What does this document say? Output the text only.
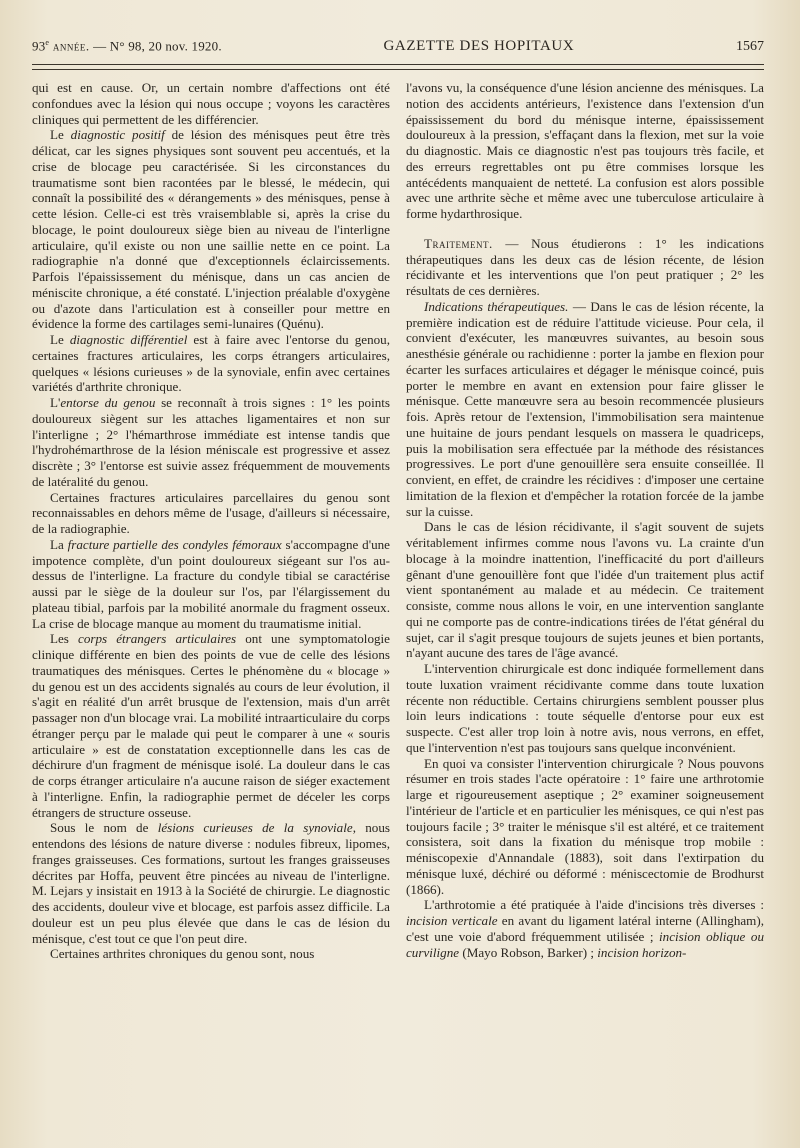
93e année. — N° 98, 20 nov. 1920.	GAZETTE DES HOPITAUX	1567

qui est en cause. Or, un certain nombre d'affections ont été confondues avec la lésion qui nous occupe ; voyons les caractères cliniques qui permettent de les différencier.

Le diagnostic positif de lésion des ménisques peut être très délicat, car les signes physiques sont souvent peu accentués, et la crise de blocage peu caractérisée. Si les circonstances du traumatisme sont bien racontées par le blessé, le médecin, qui connaît la possibilité des « dérangements » des ménisques, pense à cette lésion. Celle-ci est très vraisemblable si, après la crise du blocage, le point douloureux siège bien au niveau de l'interligne articulaire, qu'il existe ou non une saillie nette en ce point. La radiographie n'a donné que d'exceptionnels éclaircissements. Parfois l'épaississement du ménisque, dans un cas ancien de méniscite chronique, a été constaté. L'injection préalable d'oxygène ou d'azote dans l'articulation est à conseiller pour mettre en évidence la forme des cartilages semi-lunaires (Quénu).

Le diagnostic différentiel est à faire avec l'entorse du genou, certaines fractures articulaires, les corps étrangers articulaires, quelques « lésions curieuses » de la synoviale, enfin avec certaines variétés d'arthrite chronique.

L'entorse du genou se reconnaît à trois signes : 1° les points douloureux siègent sur les attaches ligamentaires et non sur l'interligne ; 2° l'hémarthrose immédiate est intense tandis que l'hydrohémarthrose de la lésion méniscale est progressive et assez discrète ; 3° l'entorse est suivie assez fréquemment de mouvements de latéralité du genou.

Certaines fractures articulaires parcellaires du genou sont reconnaissables en dehors même de l'usage, d'ailleurs si nécessaire, de la radiographie.

La fracture partielle des condyles fémoraux s'accompagne d'une impotence complète, d'un point douloureux siégeant sur l'os au-dessus de l'interligne. La fracture du condyle tibial se caractérise aussi par le siège de la douleur sur l'os, par l'élargissement du plateau tibial, parfois par la mobilité anormale du fragment osseux. La crise de blocage manque au moment du traumatisme initial.

Les corps étrangers articulaires ont une symptomatologie clinique différente en bien des points de vue de celle des lésions traumatiques des ménisques. Certes le phénomène du « blocage » du genou est un des accidents signalés au cours de leur évolution, il s'agit en réalité d'un arrêt brusque de l'extension, mais d'un arrêt passager non d'un blocage vrai. La mobilité intraarticulaire du corps étranger perçu par le malade qui peut le comparer à une « souris articulaire » est de constatation exceptionnelle dans les cas de déchirure d'un fragment de ménisque isolé. La douleur dans le cas de corps étranger articulaire n'a aucune raison de siéger exactement à l'interligne. Enfin, la radiographie permet de déceler les corps étrangers de structure osseuse.

Sous le nom de lésions curieuses de la synoviale, nous entendons des lésions de nature diverse : nodules fibreux, lipomes, franges graisseuses. Ces formations, surtout les franges graisseuses décrites par Hoffa, peuvent être pincées au niveau de l'interligne. M. Lejars y insistait en 1913 à la Société de chirurgie. Le diagnostic des accidents, douleur vive et blocage, est parfois assez difficile. La douleur est un peu plus élevée que dans le cas de lésion du ménisque, c'est tout ce que l'on peut dire.

Certaines arthrites chroniques du genou sont, nous

l'avons vu, la conséquence d'une lésion ancienne des ménisques. La notion des accidents antérieurs, l'existence dans l'extension d'un épaississement du bord du ménisque interne, épaississement douloureux à la pression, s'effaçant dans la flexion, met sur la voie du diagnostic. Mais ce diagnostic n'est pas toujours très facile, et des erreurs regrettables ont pu être commises lorsque les antécédents manquaient de netteté. La confusion est alors possible avec une arthrite sèche et même avec une tuberculose articulaire à forme hydarthrosique.

Traitement. — Nous étudierons : 1° les indications thérapeutiques dans les deux cas de lésion récente, de lésion récidivante et les interventions que l'on peut pratiquer ; 2° les résultats de ces dernières.

Indications thérapeutiques. — Dans le cas de lésion récente, la première indication est de réduire l'attitude vicieuse. Pour cela, il convient d'exécuter, les manœuvres suivantes, au besoin sous anesthésie générale ou rachidienne : porter la jambe en flexion pour écarter les surfaces articulaires et dégager le ménisque coincé, puis porter le membre en avant en extension pour faire glisser le ménisque. Cette manœuvre sera au besoin recommencée plusieurs fois. Après retour de l'extension, l'immobilisation sera maintenue une huitaine de jours pendant lesquels on massera le quadriceps, puis la mobilisation sera effectuée par la méthode des résistances progressives. Le port d'une genouillère sera ensuite conseillée. Il convient, en effet, de craindre les récidives : d'imposer une certaine limitation de la flexion et d'empêcher la rotation forcée de la jambe sur la cuisse.

Dans le cas de lésion récidivante, il s'agit souvent de sujets véritablement infirmes comme nous l'avons vu. La crainte d'un blocage à la moindre inattention, l'inefficacité du port d'ailleurs gênant d'une genouillère font que l'idée d'un traitement plus actif vient spontanément au malade et au médecin. Ce traitement consiste, comme nous allons le voir, en une intervention sanglante qui ne comporte pas de contre-indications tirées de l'état général du sujet, car il s'agit presque toujours de sujets jeunes et bien portants, n'ayant aucune des tares de l'âge avancé.

L'intervention chirurgicale est donc indiquée formellement dans toute luxation vraiment récidivante comme dans toute luxation récente non réductible. Certains chirurgiens semblent pousser plus loin leurs indications : toute séquelle d'entorse pour eux est suspecte. C'est aller trop loin à notre avis, nous verrons, en effet, que l'intervention n'est pas toujours sans quelque inconvénient.

En quoi va consister l'intervention chirurgicale ? Nous pouvons résumer en trois stades l'acte opératoire : 1° faire une arthrotomie large et rigoureusement aseptique ; 2° examiner soigneusement l'intérieur de l'article et en particulier les ménisques, ce qui n'est pas toujours facile ; 3° traiter le ménisque s'il est altéré, et ce traitement consistera, soit dans la fixation du ménisque trop mobile : méniscopexie d'Annandale (1883), soit dans l'extirpation du ménisque luxé, déchiré ou déformé : méniscectomie de Brodhurst (1866).

L'arthrotomie a été pratiquée à l'aide d'incisions très diverses : incision verticale en avant du ligament latéral interne (Allingham), c'est une voie d'abord fréquemment utilisée ; incision oblique ou curviligne (Mayo Robson, Barker) ; incision horizon-
